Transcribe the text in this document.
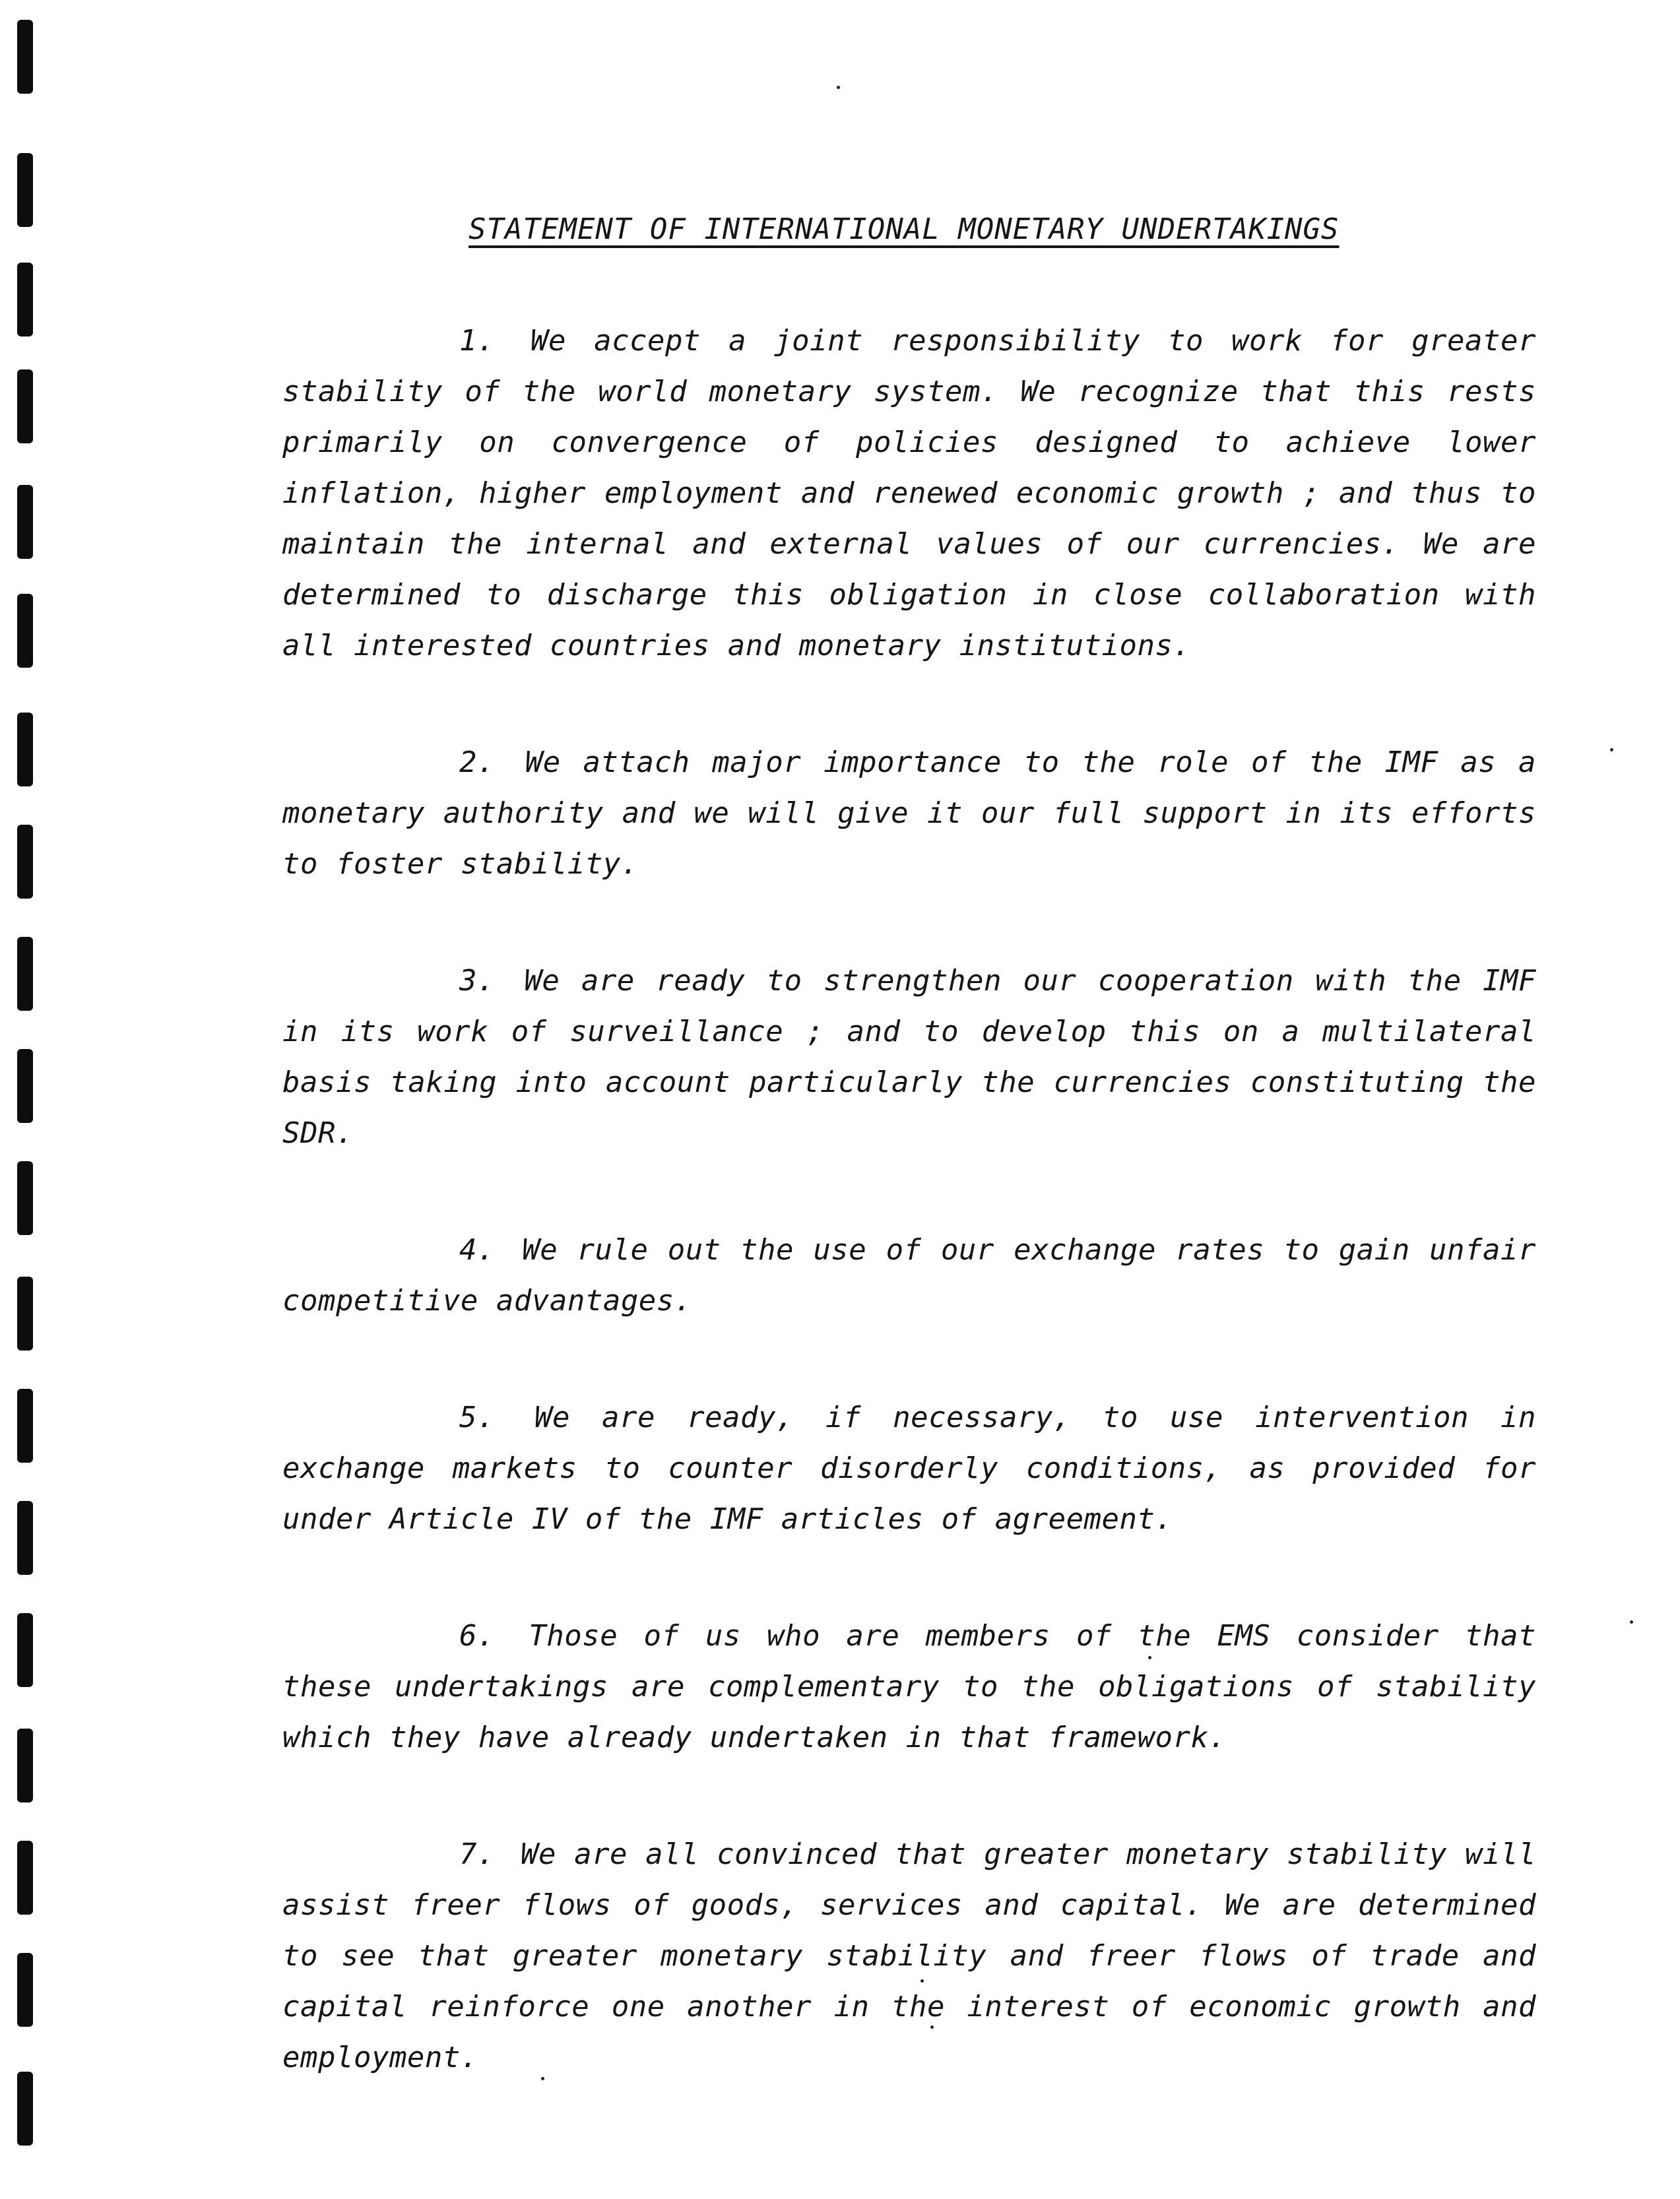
STATEMENT OF INTERNATIONAL MONETARY UNDERTAKINGS

1. We accept a joint responsibility to work for greater stability of the world monetary system. We recognize that this rests primarily on convergence of policies designed to achieve lower inflation, higher employment and renewed economic growth ; and thus to maintain the internal and external values of our currencies. We are determined to discharge this obligation in close collaboration with all interested countries and monetary institutions.

2. We attach major importance to the role of the IMF as a monetary authority and we will give it our full support in its efforts to foster stability.

3. We are ready to strengthen our cooperation with the IMF in its work of surveillance ; and to develop this on a multilateral basis taking into account particularly the currencies constituting the SDR.

4. We rule out the use of our exchange rates to gain unfair competitive advantages.

5. We are ready, if necessary, to use intervention in exchange markets to counter disorderly conditions, as provided for under Article IV of the IMF articles of agreement.

6. Those of us who are members of the EMS consider that these undertakings are complementary to the obligations of stability which they have already undertaken in that framework.

7. We are all convinced that greater monetary stability will assist freer flows of goods, services and capital. We are determined to see that greater monetary stability and freer flows of trade and capital reinforce one another in the interest of economic growth and employment.
